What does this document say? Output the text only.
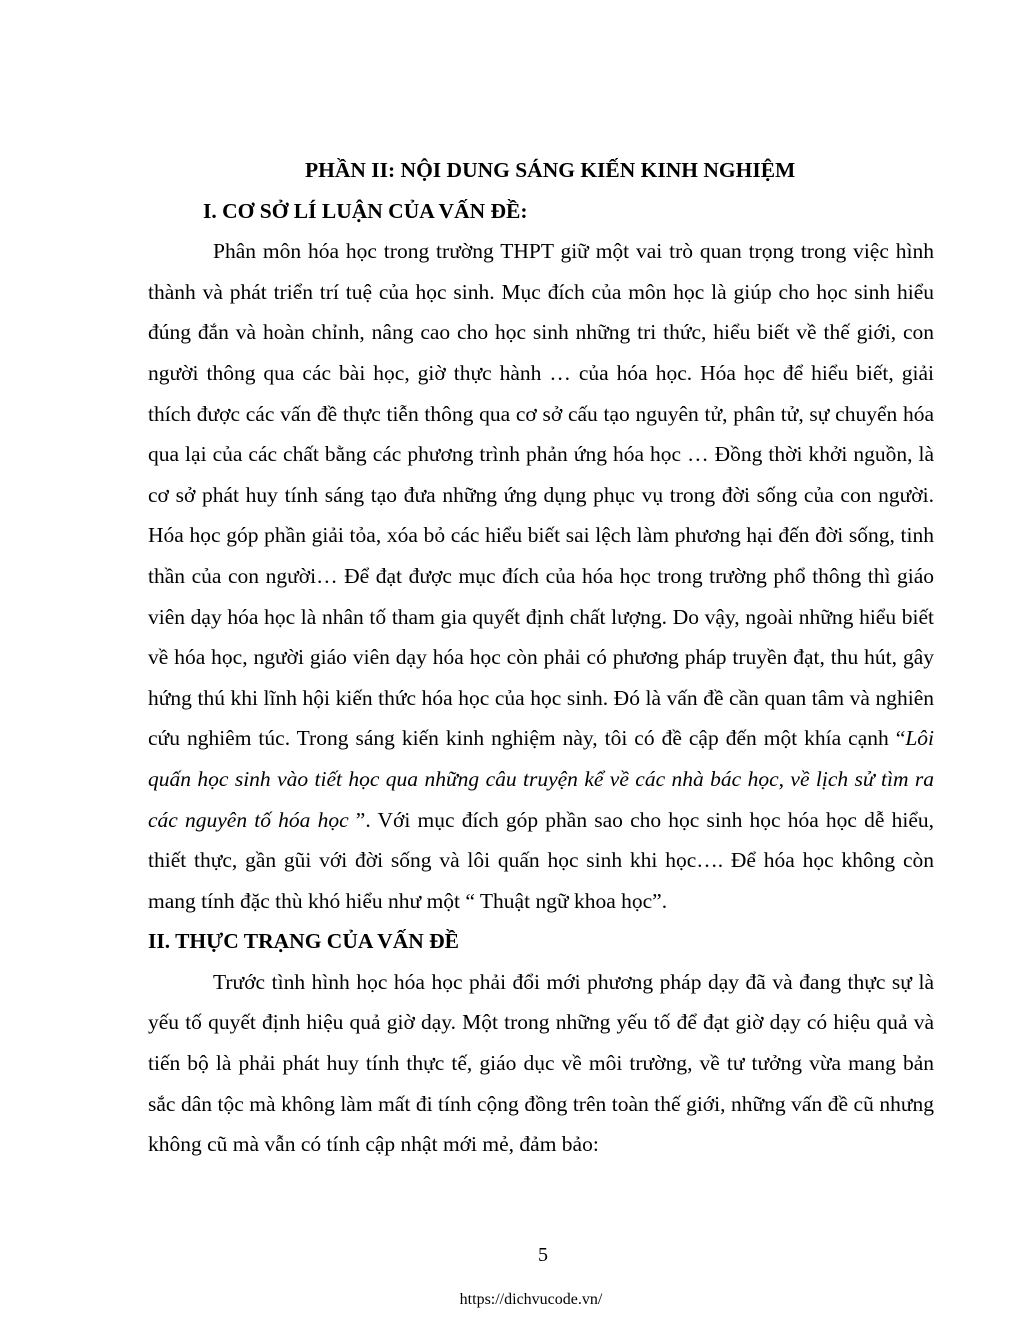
PHẦN II: NỘI DUNG SÁNG KIẾN KINH NGHIỆM
I. CƠ SỞ LÍ LUẬN CỦA VẤN ĐỀ:

Phân môn hóa học trong trường THPT giữ một vai trò quan trọng trong việc hình thành và phát triển trí tuệ của học sinh. Mục đích của môn học là giúp cho học sinh hiểu đúng đắn và hoàn chỉnh, nâng cao cho học sinh những tri thức, hiểu biết về thế giới, con người thông qua các bài học, giờ thực hành … của hóa học. Hóa học để hiểu biết, giải thích được các vấn đề thực tiễn thông qua cơ sở cấu tạo nguyên tử, phân tử, sự chuyển hóa qua lại của các chất bằng các phương trình phản ứng hóa học … Đồng thời khởi nguồn, là cơ sở phát huy tính sáng tạo đưa những ứng dụng phục vụ trong đời sống của con người. Hóa học góp phần giải tỏa, xóa bỏ các hiểu biết sai lệch làm phương hại đến đời sống, tinh thần của con người… Để đạt được mục đích của hóa học trong trường phổ thông thì giáo viên dạy hóa học là nhân tố tham gia quyết định chất lượng. Do vậy, ngoài những hiểu biết về hóa học, người giáo viên dạy hóa học còn phải có phương pháp truyền đạt, thu hút, gây hứng thú khi lĩnh hội kiến thức hóa học của học sinh. Đó là vấn đề cần quan tâm và nghiên cứu nghiêm túc. Trong sáng kiến kinh nghiệm này, tôi có đề cập đến một khía cạnh “Lôi quấn học sinh vào tiết học qua những câu truyện kể về các nhà bác học, về lịch sử tìm ra các nguyên tố hóa học ”. Với mục đích góp phần sao cho học sinh học hóa học dễ hiểu, thiết thực, gần gũi với đời sống và lôi quấn học sinh khi học…. Để hóa học không còn mang tính đặc thù khó hiểu như một “ Thuật ngữ khoa học”.

II. THỰC TRẠNG CỦA VẤN ĐỀ

Trước tình hình học hóa học phải đổi mới phương pháp dạy đã và đang thực sự là yếu tố quyết định hiệu quả giờ dạy. Một trong những yếu tố để đạt giờ dạy có hiệu quả và tiến bộ là phải phát huy tính thực tế, giáo dục về môi trường, về tư tưởng vừa mang bản sắc dân tộc mà không làm mất đi tính cộng đồng trên toàn thế giới, những vấn đề cũ nhưng không cũ mà vẫn có tính cập nhật mới mẻ, đảm bảo:

5
https://dichvucode.vn/
